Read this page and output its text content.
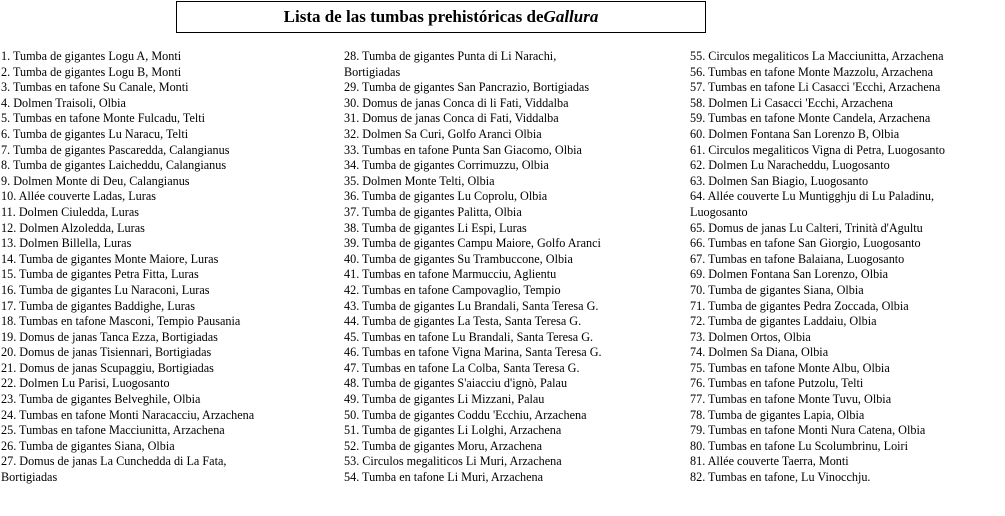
Lista de las tumbas prehistóricas de Gallura
1. Tumba de gigantes Logu A, Monti
2. Tumba de gigantes Logu B, Monti
3. Tumbas en tafone Su Canale, Monti
4. Dolmen Traisoli, Olbia
5. Tumbas en tafone Monte Fulcadu, Telti
6. Tumba de gigantes Lu Naracu, Telti
7. Tumba de gigantes Pascaredda, Calangianus
8. Tumba de gigantes Laicheddu, Calangianus
9. Dolmen Monte di Deu, Calangianus
10. Allée couverte Ladas, Luras
11. Dolmen Ciuledda, Luras
12. Dolmen Alzoledda, Luras
13. Dolmen Billella, Luras
14. Tumba de gigantes Monte Maiore, Luras
15. Tumba de gigantes Petra Fitta, Luras
16. Tumba de gigantes Lu Naraconi, Luras
17. Tumba de gigantes Baddighe, Luras
18. Tumbas en tafone Masconi, Tempio Pausania
19. Domus de janas Tanca Ezza, Bortigiadas
20. Domus de janas Tisiennari, Bortigiadas
21. Domus de janas Scupaggiu, Bortigiadas
22. Dolmen Lu Parisi, Luogosanto
23. Tumba de gigantes Belveghile, Olbia
24. Tumbas en tafone Monti Naracacciu, Arzachena
25. Tumbas en tafone Macciunitta, Arzachena
26. Tumba de gigantes Siana, Olbia
27. Domus de janas La Cunchedda di La Fata,
Bortigiadas
28. Tumba de gigantes Punta di Li Narachi,
Bortigiadas
29. Tumba de gigantes San Pancrazio, Bortigiadas
30. Domus de janas Conca di li Fati, Viddalba
31. Domus de janas Conca di Fati, Viddalba
32. Dolmen Sa Curi, Golfo Aranci Olbia
33. Tumbas en tafone Punta San Giacomo, Olbia
34. Tumba de gigantes Corrimuzzu, Olbia
35. Dolmen Monte Telti, Olbia
36. Tumba de gigantes Lu Coprolu, Olbia
37. Tumba de gigantes Palitta, Olbia
38. Tumba de gigantes Li Espi, Luras
39. Tumba de gigantes Campu Maiore, Golfo Aranci
40. Tumba de gigantes Su Trambuccone, Olbia
41. Tumbas en tafone Marmucciu, Aglientu
42. Tumbas en tafone Campovaglio, Tempio
43. Tumba de gigantes Lu Brandali, Santa Teresa G.
44. Tumba de gigantes La Testa, Santa Teresa G.
45. Tumbas en tafone Lu Brandali, Santa Teresa G.
46. Tumbas en tafone Vigna Marina, Santa Teresa G.
47. Tumbas en tafone La Colba, Santa Teresa G.
48. Tumba de gigantes S'aiacciu d'ignò, Palau
49. Tumba de gigantes Li Mizzani, Palau
50. Tumba de gigantes Coddu 'Ecchiu, Arzachena
51. Tumba de gigantes Li Lolghi, Arzachena
52. Tumba de gigantes Moru, Arzachena
53. Circulos megaliticos Li Muri, Arzachena
54. Tumba en tafone Li Muri, Arzachena
55. Circulos megaliticos La Macciunitta, Arzachena
56. Tumbas en tafone Monte Mazzolu, Arzachena
57. Tumbas en tafone Li Casacci 'Ecchi, Arzachena
58. Dolmen Li Casacci 'Ecchi, Arzachena
59. Tumbas en tafone Monte Candela, Arzachena
60. Dolmen Fontana San Lorenzo B, Olbia
61. Circulos megaliticos Vigna di Petra, Luogosanto
62. Dolmen Lu Naracheddu, Luogosanto
63. Dolmen San Biagio, Luogosanto
64. Allée couverte Lu Muntigghju di Lu Paladinu,
Luogosanto
65. Domus de janas Lu Calteri, Trinità d'Agultu
66. Tumbas en tafone San Giorgio, Luogosanto
67. Tumbas en tafone Balaiana, Luogosanto
69. Dolmen Fontana San Lorenzo, Olbia
70. Tumba de gigantes Siana, Olbia
71. Tumba de gigantes Pedra Zoccada, Olbia
72. Tumba de gigantes Laddaiu, Olbia
73. Dolmen Ortos, Olbia
74. Dolmen Sa Diana, Olbia
75. Tumbas en tafone Monte Albu, Olbia
76. Tumbas en tafone Putzolu, Telti
77. Tumbas en tafone Monte Tuvu, Olbia
78. Tumba de gigantes Lapia, Olbia
79. Tumbas en tafone Monti Nura Catena, Olbia
80. Tumbas en tafone Lu Scolumbrinu, Loiri
81. Allée couverte Taerra, Monti
82. Tumbas en tafone, Lu Vinocchju.
